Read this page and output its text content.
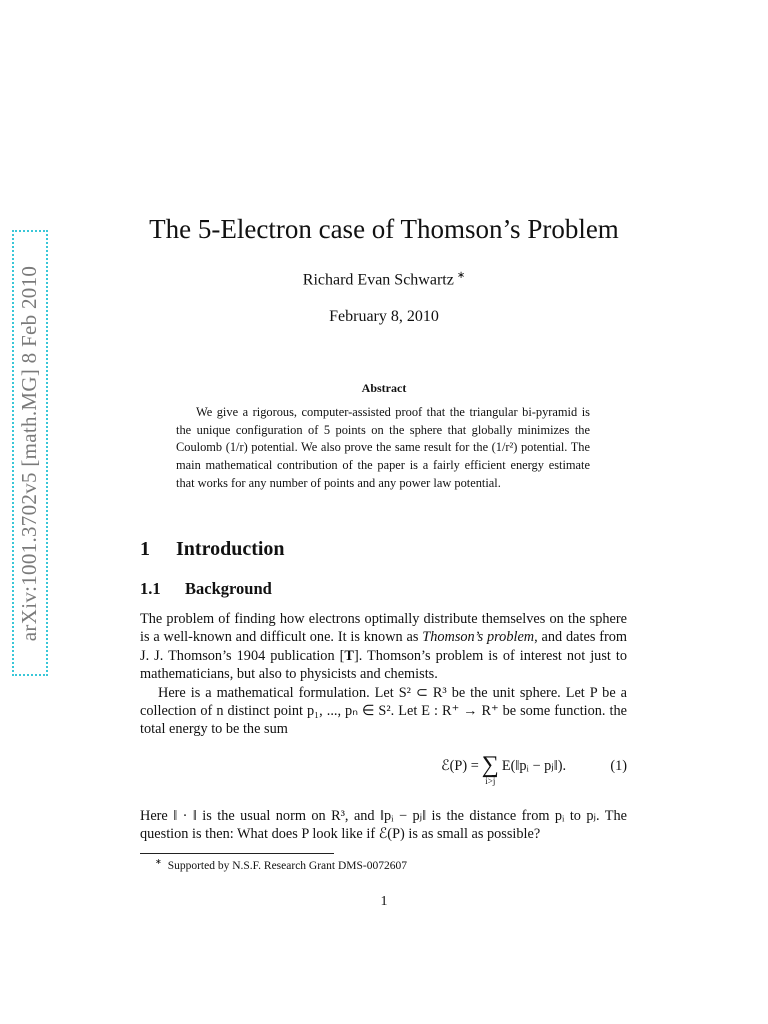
arXiv:1001.3702v5 [math.MG] 8 Feb 2010
The 5-Electron case of Thomson’s Problem
Richard Evan Schwartz ∗
February 8, 2010
Abstract

We give a rigorous, computer-assisted proof that the triangular bi-pyramid is the unique configuration of 5 points on the sphere that globally minimizes the Coulomb (1/r) potential. We also prove the same result for the (1/r²) potential. The main mathematical contribution of the paper is a fairly efficient energy estimate that works for any number of points and any power law potential.

1 Introduction
1.1 Background

The problem of finding how electrons optimally distribute themselves on the sphere is a well-known and difficult one. It is known as Thomson’s problem, and dates from J. J. Thomson’s 1904 publication [T]. Thomson’s problem is of interest not just to mathematicians, but also to physicists and chemists.

Here is a mathematical formulation. Let S² ⊂ R³ be the unit sphere. Let P be a collection of n distinct point p₁, ..., pₙ ∈ S². Let E : R⁺ → R⁺ be some function. the total energy to be the sum

ℰ(P) = ∑
i>j
E(‖pᵢ − pⱼ‖).	(1)

Here ‖ · ‖ is the usual norm on R³, and ‖pᵢ − pⱼ‖ is the distance from pᵢ to pⱼ. The question is then: What does P look like if ℰ(P) is as small as possible?

∗ Supported by N.S.F. Research Grant DMS-0072607
1
